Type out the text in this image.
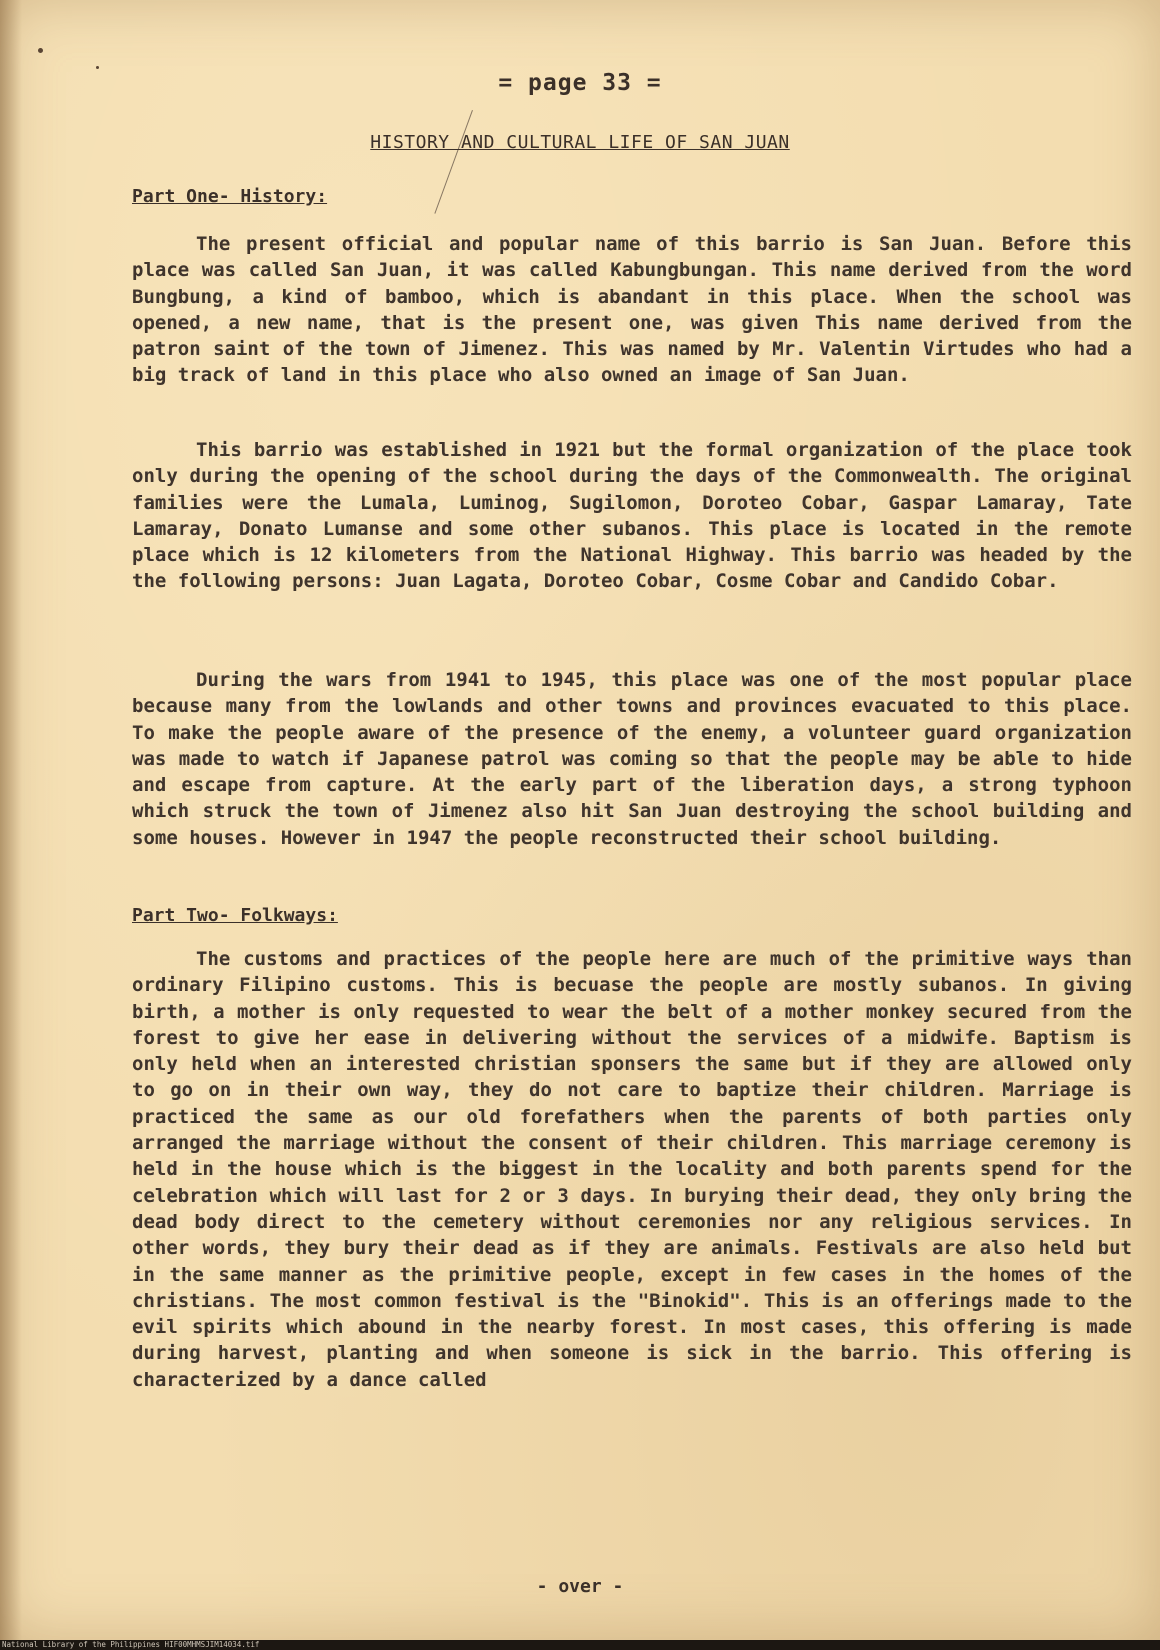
= page 33 =
HISTORY AND CULTURAL LIFE OF SAN JUAN
Part One- History:

The present official and popular name of this barrio is San Juan. Before this place was called San Juan, it was called Kabungbungan. This name derived from the word Bungbung, a kind of bamboo, which is abandant in this place. When the school was opened, a new name, that is the present one, was given This name derived from the patron saint of the town of Jimenez. This was named by Mr. Valentin Virtudes who had a big track of land in this place who also owned an image of San Juan.

This barrio was established in 1921 but the formal organization of the place took only during the opening of the school during the days of the Commonwealth. The original families were the Lumala, Luminog, Sugilomon, Doroteo Cobar, Gaspar Lamaray, Tate Lamaray, Donato Lumanse and some other subanos. This place is located in the remote place which is 12 kilometers from the National Highway. This barrio was headed by the the following persons: Juan Lagata, Doroteo Cobar, Cosme Cobar and Candido Cobar.

During the wars from 1941 to 1945, this place was one of the most popular place because many from the lowlands and other towns and provinces evacuated to this place. To make the people aware of the presence of the enemy, a volunteer guard organization was made to watch if Japanese patrol was coming so that the people may be able to hide and escape from capture. At the early part of the liberation days, a strong typhoon which struck the town of Jimenez also hit San Juan destroying the school building and some houses. However in 1947 the people reconstructed their school building.

Part Two- Folkways:

The customs and practices of the people here are much of the primitive ways than ordinary Filipino customs. This is becuase the people are mostly subanos. In giving birth, a mother is only requested to wear the belt of a mother monkey secured from the forest to give her ease in delivering without the services of a midwife. Baptism is only held when an interested christian sponsers the same but if they are allowed only to go on in their own way, they do not care to baptize their children. Marriage is practiced the same as our old forefathers when the parents of both parties only arranged the marriage without the consent of their children. This marriage ceremony is held in the house which is the biggest in the locality and both parents spend for the celebration which will last for 2 or 3 days. In burying their dead, they only bring the dead body direct to the cemetery without ceremonies nor any religious services. In other words, they bury their dead as if they are animals. Festivals are also held but in the same manner as the primitive people, except in few cases in the homes of the christians. The most common festival is the "Binokid". This is an offerings made to the evil spirits which abound in the nearby forest. In most cases, this offering is made during harvest, planting and when someone is sick in the barrio. This offering is characterized by a dance called

- over -
National Library of the Philippines HIF00MHMSJIM14034.tif
